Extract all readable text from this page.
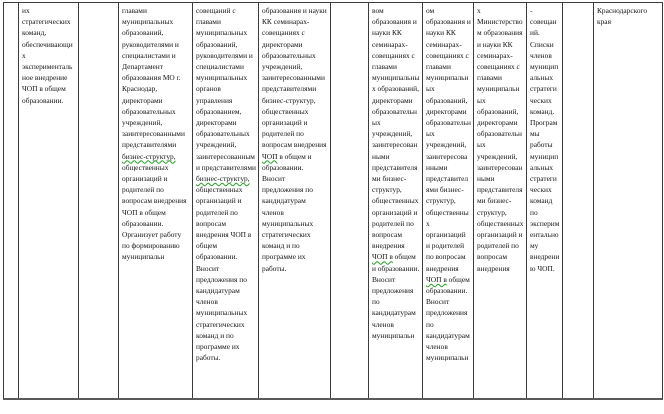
их стратегических команд, обеспечивающих экспериментальное внедрение ЧОП в общем образовании.
главами муниципальных образований, руководителями и специалистами и Департамент образования МО г. Краснодар, директорами образовательных учреждений, заинтересованными представителями бизнес-структур, общественных организаций и родителей по вопросам внедрения ЧОП в общем образовании. Организует работу по формированию муниципальн
совещаний с главами муниципальных образований, руководителями и специалистами муниципальных органов управления образованием, директорами образовательных учреждений, заинтересованными представителями бизнес-структур, общественных организаций и родителей по вопросам внедрения ЧОП в общем образовании. Вносит предложения по кандидатурам членов муниципальных стратегических команд и по программе их работы.
образования и науки КК семинарах-совещаниях с директорами образовательных учреждений, заинтересованными представителями бизнес-структур, общественных организаций и родителей по вопросам внедрения ЧОП в общем и образовании. Вносит предложения по кандидатурам членов муниципальных стратегических команд и по программе их работы.
вом образования и науки КК семинарах-совещаниях с главами муниципальных образований, директорами образовательных учреждений, заинтересованными представителями бизнес-структур, общественных организаций и родителей по вопросам внедрения ЧОП в общем и образовании. Вносит предложения по кандидатурам членов муниципальн
ом образования и науки КК семинарах-совещаниях с главами муниципальных образований, директорами образовательных учреждений, заинтересованными представителями бизнес-структур, общественных организаций и родителей по вопросам внедрения ЧОП в общем образовании. Вносит предложения по кандидатурам членов муниципальн
х Министерством образования и науки КК семинарах-совещаниях с главами муниципальных образований, директорами образовательных учреждений, заинтересованными представителями бизнес-структур, общественных организаций и родителей по вопросам внедрения
- совещаний. Списки членов муниципальных стратегических команд. Программы работы муниципальных стратегических команд по экспериментальному внедрению ЧОП.
Краснодарского края
